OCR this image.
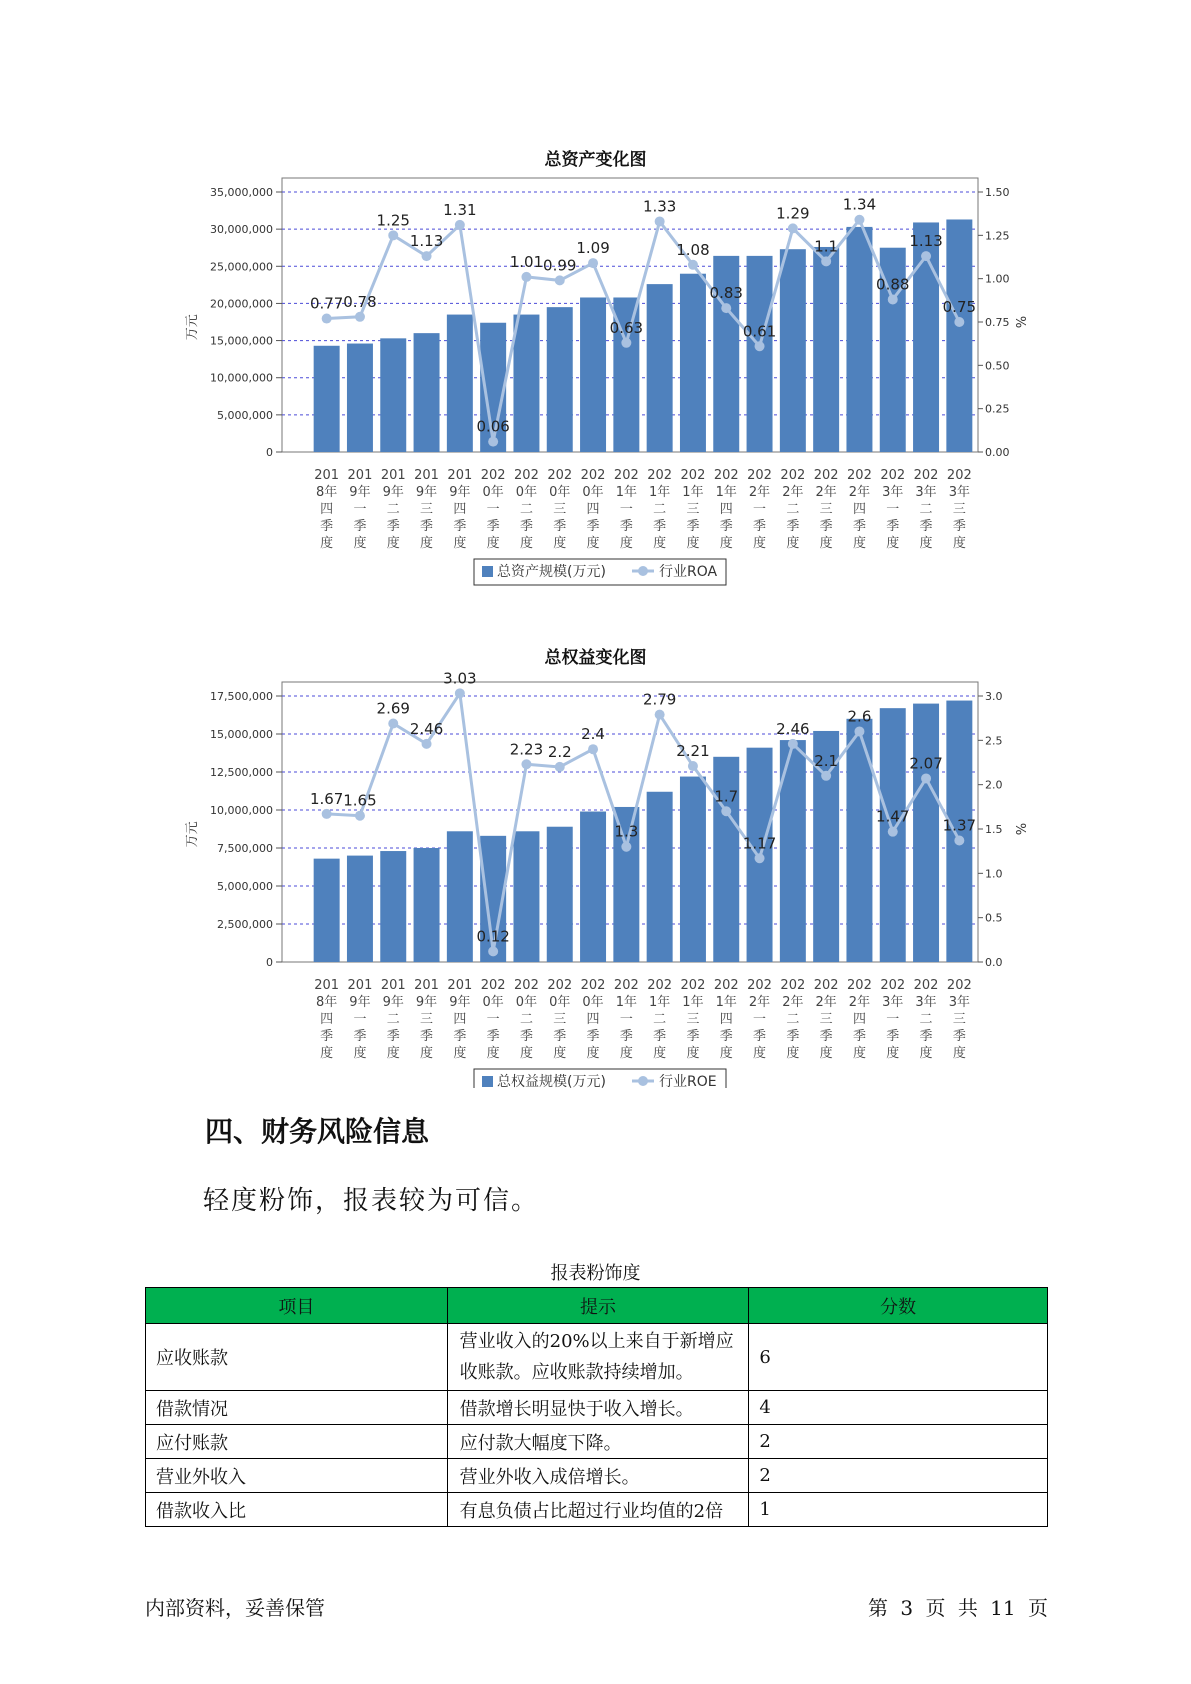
总资产变化图
0
5,000,000
10,000,000
15,000,000
20,000,000
25,000,000
30,000,000
35,000,000
0.00
0.25
0.50
0.75
1.00
1.25
1.50
万元	%
201 8年四季度
201 9年一季度
201 9年二季度
201 9年三季度
201 9年四季度
202 0年一季度
202 0年二季度
202 0年三季度
202 0年四季度
202 1年一季度
202 1年二季度
202 1年三季度
202 1年四季度
202 2年一季度
202 2年二季度
202 2年三季度
202 2年四季度
202 3年一季度
202 3年二季度
202 3年三季度
0.77 0.78
1.25
1.13
1.31
0.06
1.01 0.99
1.09
0.63
1.33
1.08
0.83
0.61
1.29
1.1
1.34
0.88
1.13
0.75
总资产规模(万元)	行业ROA
总权益变化图
0
2,500,000
5,000,000
7,500,000
10,000,000
12,500,000
15,000,000
17,500,000
0.0
0.5
1.0
1.5
2.0
2.5
3.0
万元	%
201 8年四季度
201 9年一季度
201 9年二季度
201 9年三季度
201 9年四季度
202 0年一季度
202 0年二季度
202 0年三季度
202 0年四季度
202 1年一季度
202 1年二季度
202 1年三季度
202 1年四季度
202 2年一季度
202 2年二季度
202 2年三季度
202 2年四季度
202 3年一季度
202 3年二季度
202 3年三季度
1.67 1.65
2.69
2.46
3.03
0.12
2.23 2.2
2.4
1.3
2.79
2.21
1.7
1.17
2.46
2.1
2.6
1.47
2.07
1.37
总权益规模(万元)	行业ROE
四、财务风险信息
轻度粉饰，报表较为可信。
报表粉饰度
项目	提示	分数
应收账款	营业收入的20%以上来自于新增应收账款。应收账款持续增加。	6
借款情况	借款增长明显快于收入增长。	4
应付账款	应付款大幅度下降。	2
营业外收入	营业外收入成倍增长。	2
借款收入比	有息负债占比超过行业均值的2倍	1
内部资料，妥善保管	第 3 页 共 11 页
